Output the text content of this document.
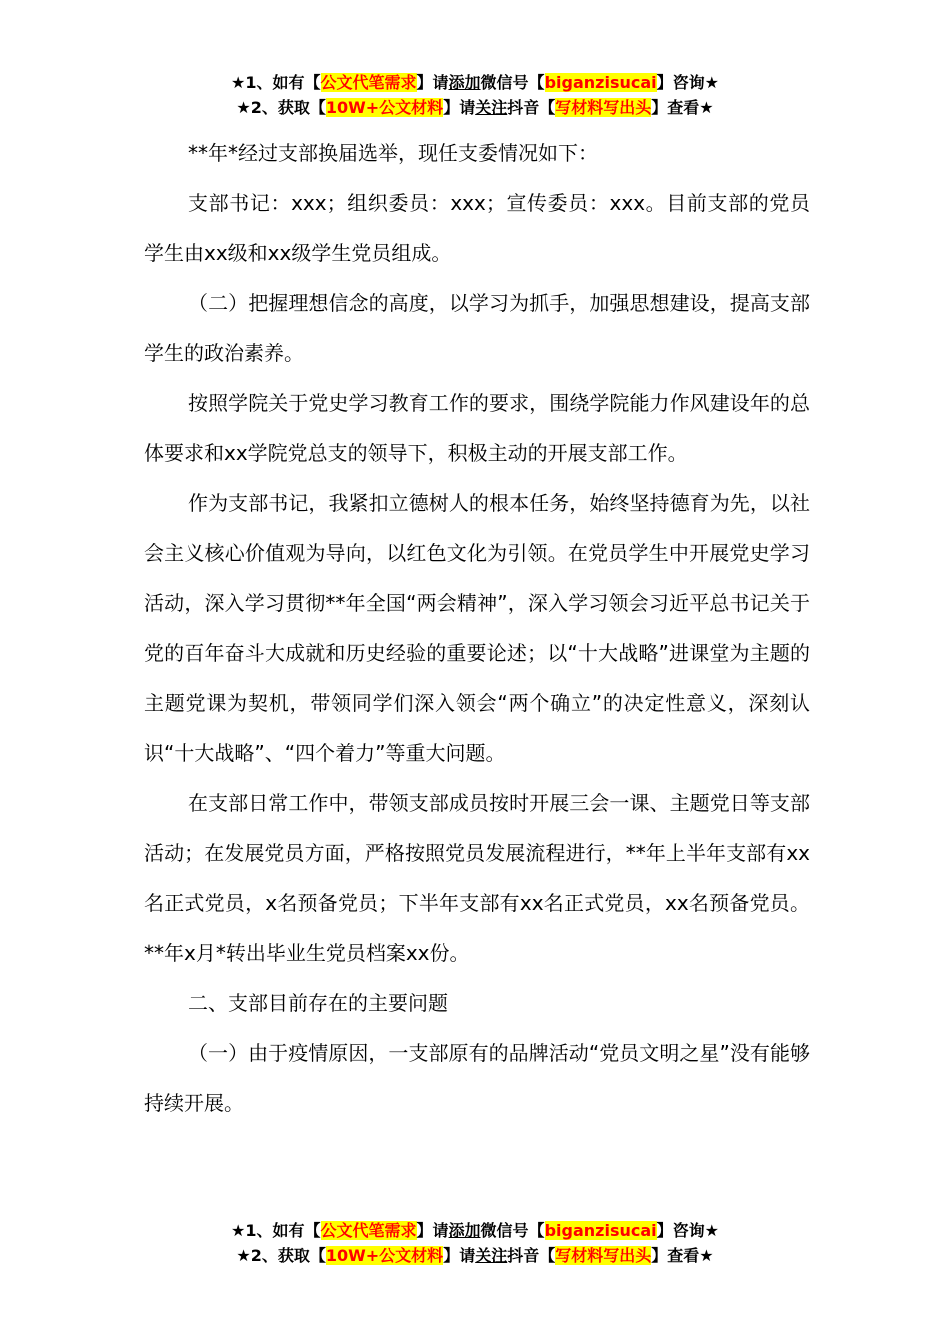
★1、如有【公文代笔需求】请添加微信号【biganzisucai】咨询★
★2、获取【10W+公文材料】请关注抖音【写材料写出头】查看★

**年*经过支部换届选举，现任支委情况如下：

支部书记：xxx；组织委员：xxx；宣传委员：xxx。目前支部的党员学生由xx级和xx级学生党员组成。

（二）把握理想信念的高度，以学习为抓手，加强思想建设，提高支部学生的政治素养。

按照学院关于党史学习教育工作的要求，围绕学院能力作风建设年的总体要求和xx学院党总支的领导下，积极主动的开展支部工作。

作为支部书记，我紧扣立德树人的根本任务，始终坚持德育为先，以社会主义核心价值观为导向，以红色文化为引领。在党员学生中开展党史学习活动，深入学习贯彻**年全国“两会精神”，深入学习领会习近平总书记关于党的百年奋斗大成就和历史经验的重要论述；以“十大战略”进课堂为主题的主题党课为契机，带领同学们深入领会“两个确立”的决定性意义，深刻认识“十大战略”、“四个着力”等重大问题。

在支部日常工作中，带领支部成员按时开展三会一课、主题党日等支部活动；在发展党员方面，严格按照党员发展流程进行，**年上半年支部有xx名正式党员，x名预备党员；下半年支部有xx名正式党员，xx名预备党员。**年x月*转出毕业生党员档案xx份。

二、支部目前存在的主要问题

（一）由于疫情原因，一支部原有的品牌活动“党员文明之星”没有能够持续开展。

★1、如有【公文代笔需求】请添加微信号【biganzisucai】咨询★
★2、获取【10W+公文材料】请关注抖音【写材料写出头】查看★
